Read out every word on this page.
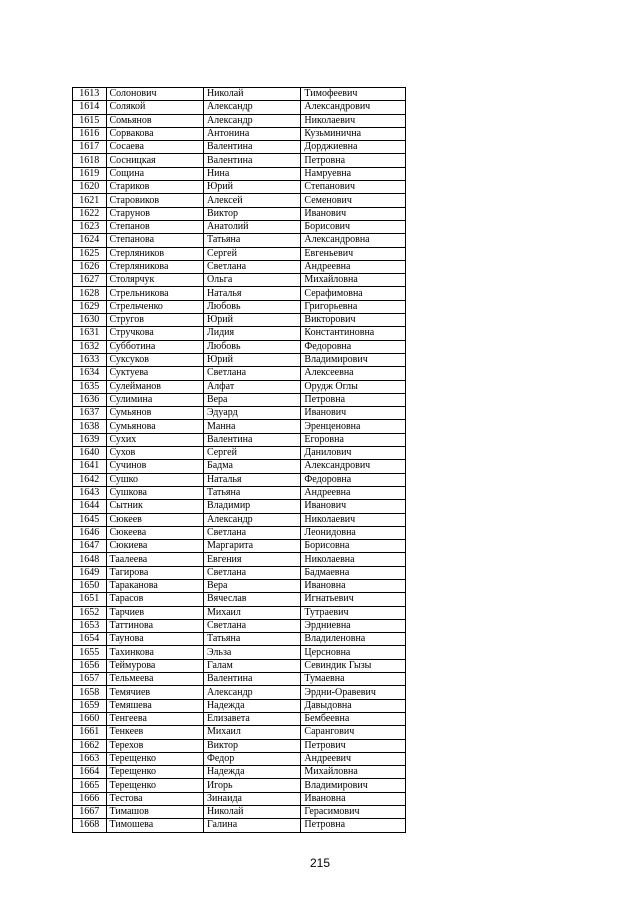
1613	Солонович	Николай	Тимофеевич
1614	Солякой	Александр	Александрович
1615	Сомьянов	Александр	Николаевич
1616	Сорвакова	Антонина	Кузьминична
1617	Сосаева	Валентина	Дорджиевна
1618	Сосницкая	Валентина	Петровна
1619	Сощина	Нина	Намруевна
1620	Стариков	Юрий	Степанович
1621	Старовиков	Алексей	Семенович
1622	Старунов	Виктор	Иванович
1623	Степанов	Анатолий	Борисович
1624	Степанова	Татьяна	Александровна
1625	Стерляников	Сергей	Евгеньевич
1626	Стерляникова	Светлана	Андреевна
1627	Столярчук	Ольга	Михайловна
1628	Стрельникова	Наталья	Серафимовна
1629	Стрельченко	Любовь	Григорьевна
1630	Стругов	Юрий	Викторович
1631	Стручкова	Лидия	Константиновна
1632	Субботина	Любовь	Федоровна
1633	Суксуков	Юрий	Владимирович
1634	Суктуева	Светлана	Алексеевна
1635	Сулейманов	Алфат	Орудж Оглы
1636	Сулимина	Вера	Петровна
1637	Сумьянов	Эдуард	Иванович
1638	Сумьянова	Манна	Эренценовна
1639	Сухих	Валентина	Егоровна
1640	Сухов	Сергей	Данилович
1641	Сучинов	Бадма	Александрович
1642	Сушко	Наталья	Федоровна
1643	Сушкова	Татьяна	Андреевна
1644	Сытник	Владимир	Иванович
1645	Сюкеев	Александр	Николаевич
1646	Сюкеева	Светлана	Леонидовна
1647	Сюкиева	Маргарита	Борисовна
1648	Таалеева	Евгения	Николаевна
1649	Тагирова	Светлана	Бадмаевна
1650	Тараканова	Вера	Ивановна
1651	Тарасов	Вячеслав	Игнатьевич
1652	Тарчиев	Михаил	Тутраевич
1653	Таттинова	Светлана	Эрдниевна
1654	Таунова	Татьяна	Владиленовна
1655	Тахинкова	Эльза	Церсновна
1656	Теймурова	Галам	Севиндик Гызы
1657	Тельмеева	Валентина	Тумаевна
1658	Темячиев	Александр	Эрдни-Оравевич
1659	Темяшева	Надежда	Давыдовна
1660	Тенгеева	Елизавета	Бембеевна
1661	Тенкеев	Михаил	Сарангович
1662	Терехов	Виктор	Петрович
1663	Терещенко	Федор	Андреевич
1664	Терещенко	Надежда	Михайловна
1665	Терещенко	Игорь	Владимирович
1666	Тестова	Зинаида	Ивановна
1667	Тимашов	Николай	Герасимович
1668	Тимошева	Галина	Петровна
215
